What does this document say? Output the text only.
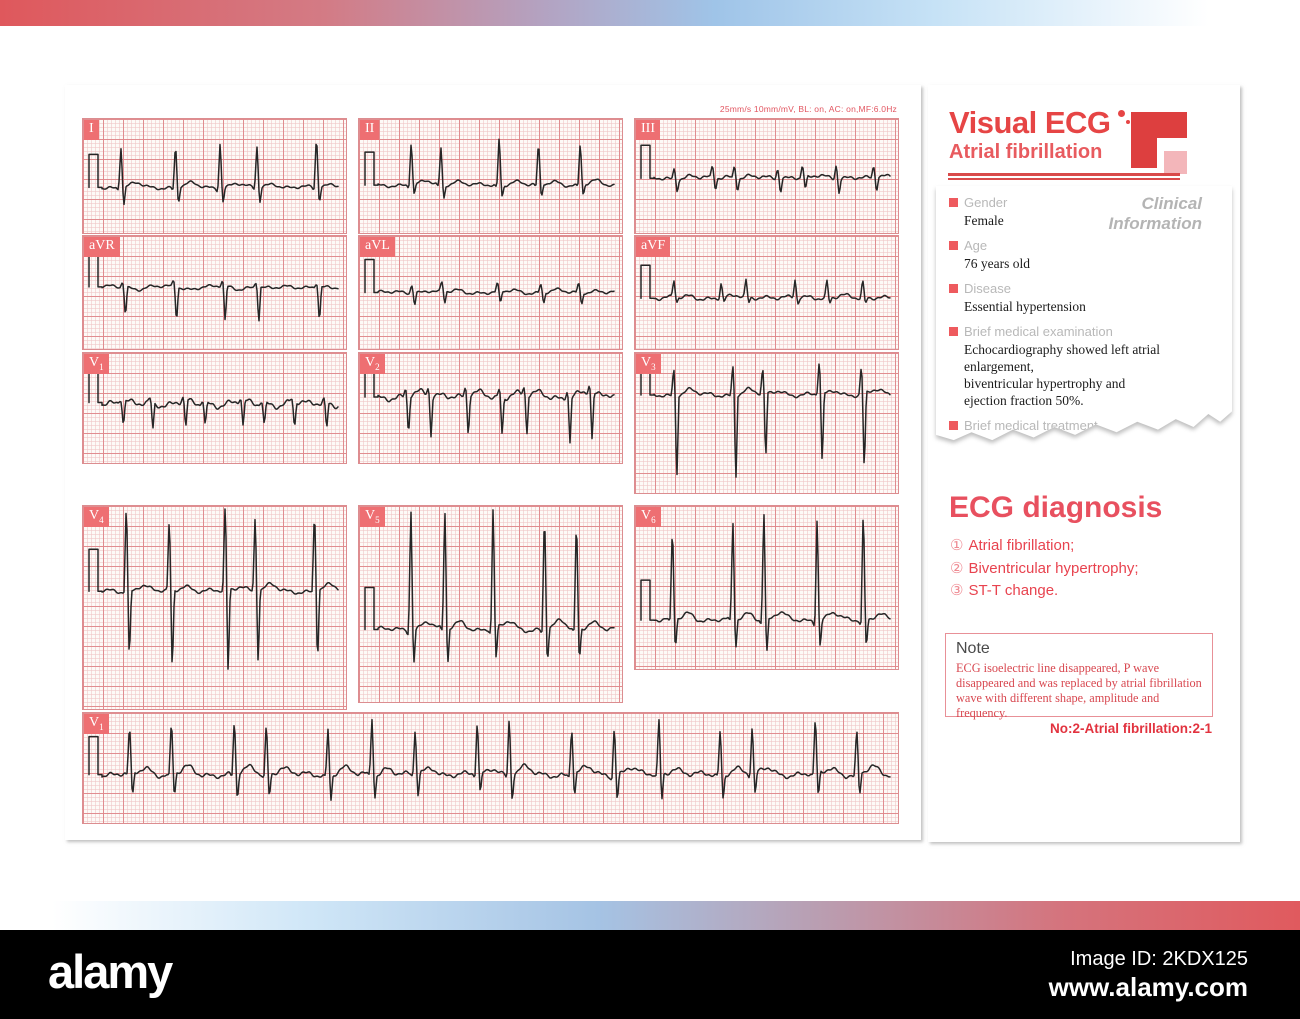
25mm/s 10mm/mV, BL: on, AC: on,MF:6.0Hz
I	II	III
aVR	aVL	aVF
$V_1$	$V_2$	$V_3$
$V_4$	$V_5$	$V_6$
$V_1$
Visual ECG
Atrial fibrillation
Clinical
Information
Gender
Female
Age
76 years old
Disease
Essential hypertension
Brief medical examination
Echocardiography showed left atrial enlargement,
biventricular hypertrophy and
ejection fraction 50%.
Brief medical treatment
Drug controlled ventricular rate.
ECG diagnosis
① Atrial fibrillation;
② Biventricular hypertrophy;
③ ST-T change.
Note
ECG isoelectric line disappeared, P wave disappeared and was replaced by atrial fibrillation wave with different shape, amplitude and frequency.
No:2-Atrial fibrillation:2-1
alamy	Image ID: 2KDX125
www.alamy.com
